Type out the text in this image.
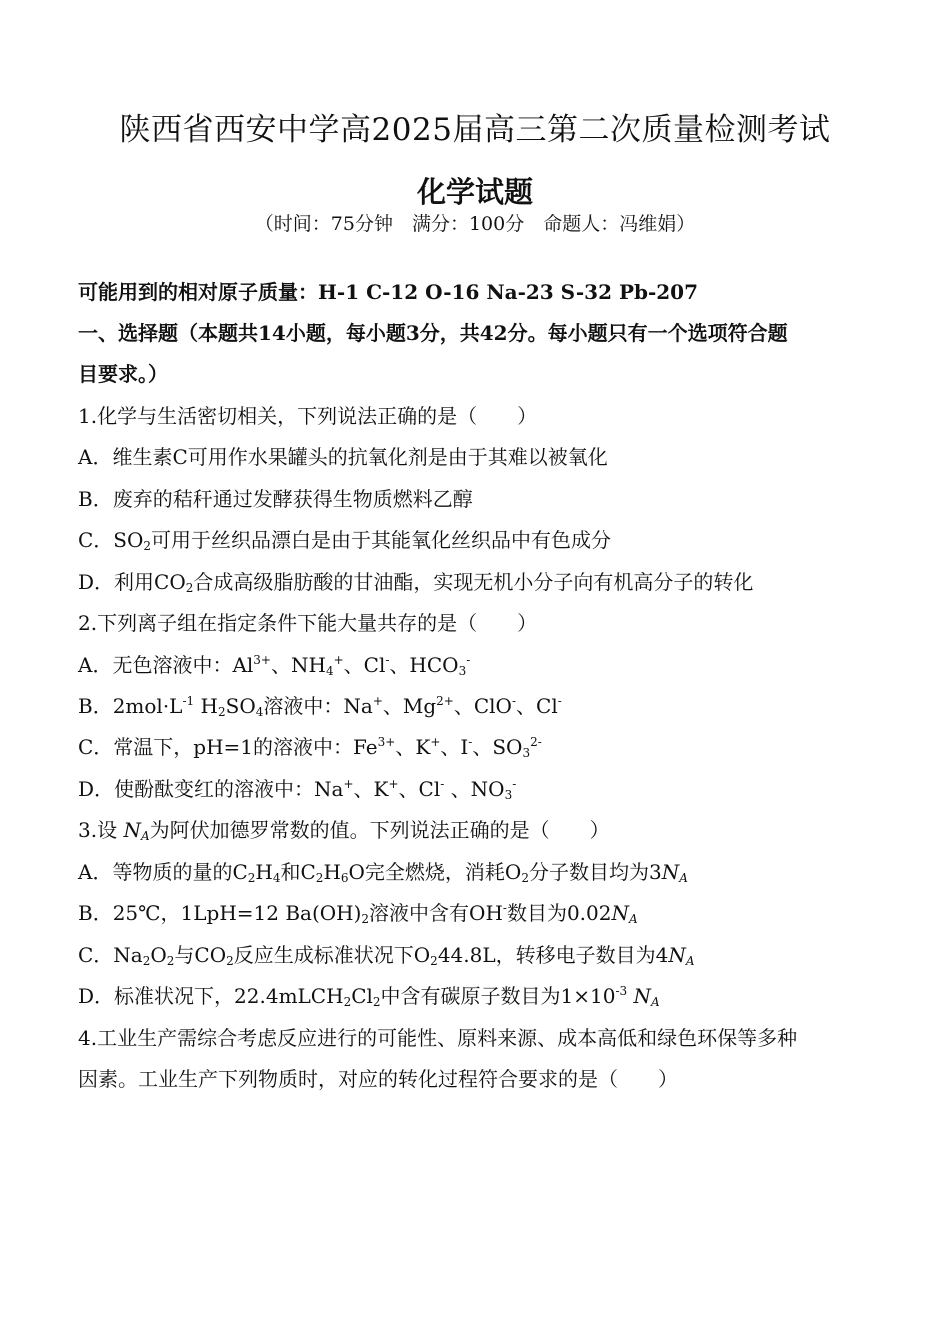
陕西省西安中学高2025届高三第二次质量检测考试
化学试题
（时间：75分钟　满分：100分　命题人：冯维娟）
可能用到的相对原子质量：H-1 C-12 O-16 Na-23 S-32 Pb-207
一、选择题（本题共14小题，每小题3分，共42分。每小题只有一个选项符合题
目要求。）
1.化学与生活密切相关，下列说法正确的是（　　）
A．维生素C可用作水果罐头的抗氧化剂是由于其难以被氧化
B．废弃的秸秆通过发酵获得生物质燃料乙醇
C．$SO_2$可用于丝织品漂白是由于其能氧化丝织品中有色成分
D．利用$CO_2$合成高级脂肪酸的甘油酯，实现无机小分子向有机高分子的转化
2.下列离子组在指定条件下能大量共存的是（　　）
A．无色溶液中：$Al^{3+}$、$NH_4^+$、Cl-、$HCO_3^-$
B．$2mol\cdot L^{-1}$ $H_2SO_4$溶液中：Na+、$Mg^{2+}$、ClO-、Cl-
C．常温下，pH=1的溶液中：$Fe^{3+}$、K+、I-、$SO_3^{2-}$
D．使酚酞变红的溶液中：Na+、K+、Cl- 、$NO_3^-$
3.设 $N_A$为阿伏加德罗常数的值。下列说法正确的是（　　）
A．等物质的量的$C_2H_4$和$C_2H_6O$完全燃烧，消耗$O_2$分子数目均为$3N_A$
B．25℃，1LpH=12 $Ba(OH)_2$溶液中含有OH-数目为$0.02N_A$
C．$Na_2O_2$与$CO_2$反应生成标准状况下$O_244.8L$，转移电子数目为$4N_A$
D．标准状况下，$22.4mLCH_2Cl_2$中含有碳原子数目为$1\times 10^{-3}$ $N_A$
4.工业生产需综合考虑反应进行的可能性、原料来源、成本高低和绿色环保等多种
因素。工业生产下列物质时，对应的转化过程符合要求的是（　　）
